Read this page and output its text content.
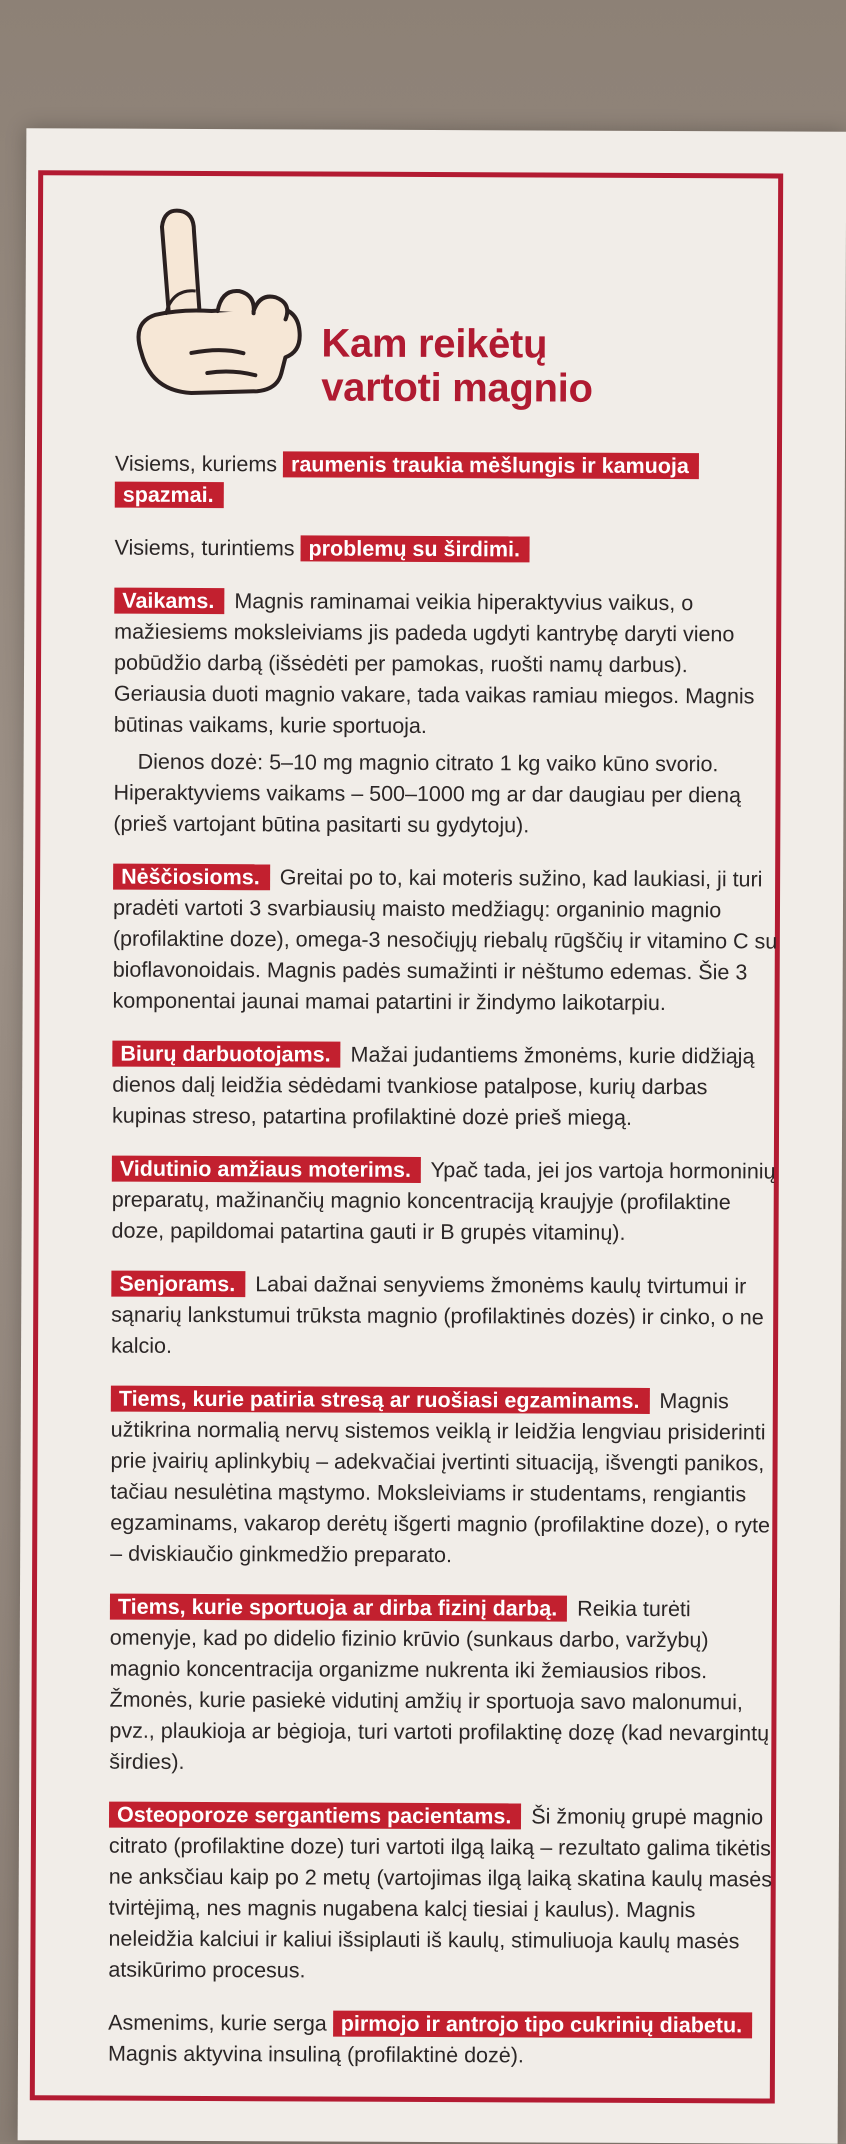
Kam reikėtų
vartoti magnio

Visiems, kuriems raumenis traukia mėšlungis ir kamuoja spazmai.

Visiems, turintiems problemų su širdimi.

Vaikams. Magnis raminamai veikia hiperaktyvius vaikus, o mažiesiems moksleiviams jis padeda ugdyti kantrybę daryti vieno pobūdžio darbą (išsėdėti per pamokas, ruošti namų darbus). Geriausia duoti magnio vakare, tada vaikas ramiau miegos. Magnis būtinas vaikams, kurie sportuoja.

Dienos dozė: 5–10 mg magnio citrato 1 kg vaiko kūno svorio. Hiperaktyviems vaikams – 500–1000 mg ar dar daugiau per dieną (prieš vartojant būtina pasitarti su gydytoju).

Nėščiosioms. Greitai po to, kai moteris sužino, kad laukiasi, ji turi pradėti vartoti 3 svarbiausių maisto medžiagų: organinio magnio (profilaktine doze), omega-3 nesočiųjų riebalų rūgščių ir vitamino C su bioflavonoidais. Magnis padės sumažinti ir nėštumo edemas. Šie 3 komponentai jaunai mamai patartini ir žindymo laikotarpiu.

Biurų darbuotojams. Mažai judantiems žmonėms, kurie didžiąją dienos dalį leidžia sėdėdami tvankiose patalpose, kurių darbas kupinas streso, patartina profilaktinė dozė prieš miegą.

Vidutinio amžiaus moterims. Ypač tada, jei jos vartoja hormoninių preparatų, mažinančių magnio koncentraciją kraujyje (profilaktine doze, papildomai patartina gauti ir B grupės vitaminų).

Senjorams. Labai dažnai senyviems žmonėms kaulų tvirtumui ir sąnarių lankstumui trūksta magnio (profilaktinės dozės) ir cinko, o ne kalcio.

Tiems, kurie patiria stresą ar ruošiasi egzaminams. Magnis užtikrina normalią nervų sistemos veiklą ir leidžia lengviau prisiderinti prie įvairių aplinkybių – adekvačiai įvertinti situaciją, išvengti panikos, tačiau nesulėtina mąstymo. Moksleiviams ir studentams, rengiantis egzaminams, vakarop derėtų išgerti magnio (profilaktine doze), o ryte – dviskiaučio ginkmedžio preparato.

Tiems, kurie sportuoja ar dirba fizinį darbą. Reikia turėti omenyje, kad po didelio fizinio krūvio (sunkaus darbo, varžybų) magnio koncentracija organizme nukrenta iki žemiausios ribos. Žmonės, kurie pasiekė vidutinį amžių ir sportuoja savo malonumui, pvz., plaukioja ar bėgioja, turi vartoti profilaktinę dozę (kad nevargintų širdies).

Osteoporoze sergantiems pacientams. Ši žmonių grupė magnio citrato (profilaktine doze) turi vartoti ilgą laiką – rezultato galima tikėtis ne anksčiau kaip po 2 metų (vartojimas ilgą laiką skatina kaulų masės tvirtėjimą, nes magnis nugabena kalcį tiesiai į kaulus). Magnis neleidžia kalciui ir kaliui išsiplauti iš kaulų, stimuliuoja kaulų masės atsikūrimo procesus.

Asmenims, kurie serga pirmojo ir antrojo tipo cukrinių diabetu. Magnis aktyvina insuliną (profilaktinė dozė).
